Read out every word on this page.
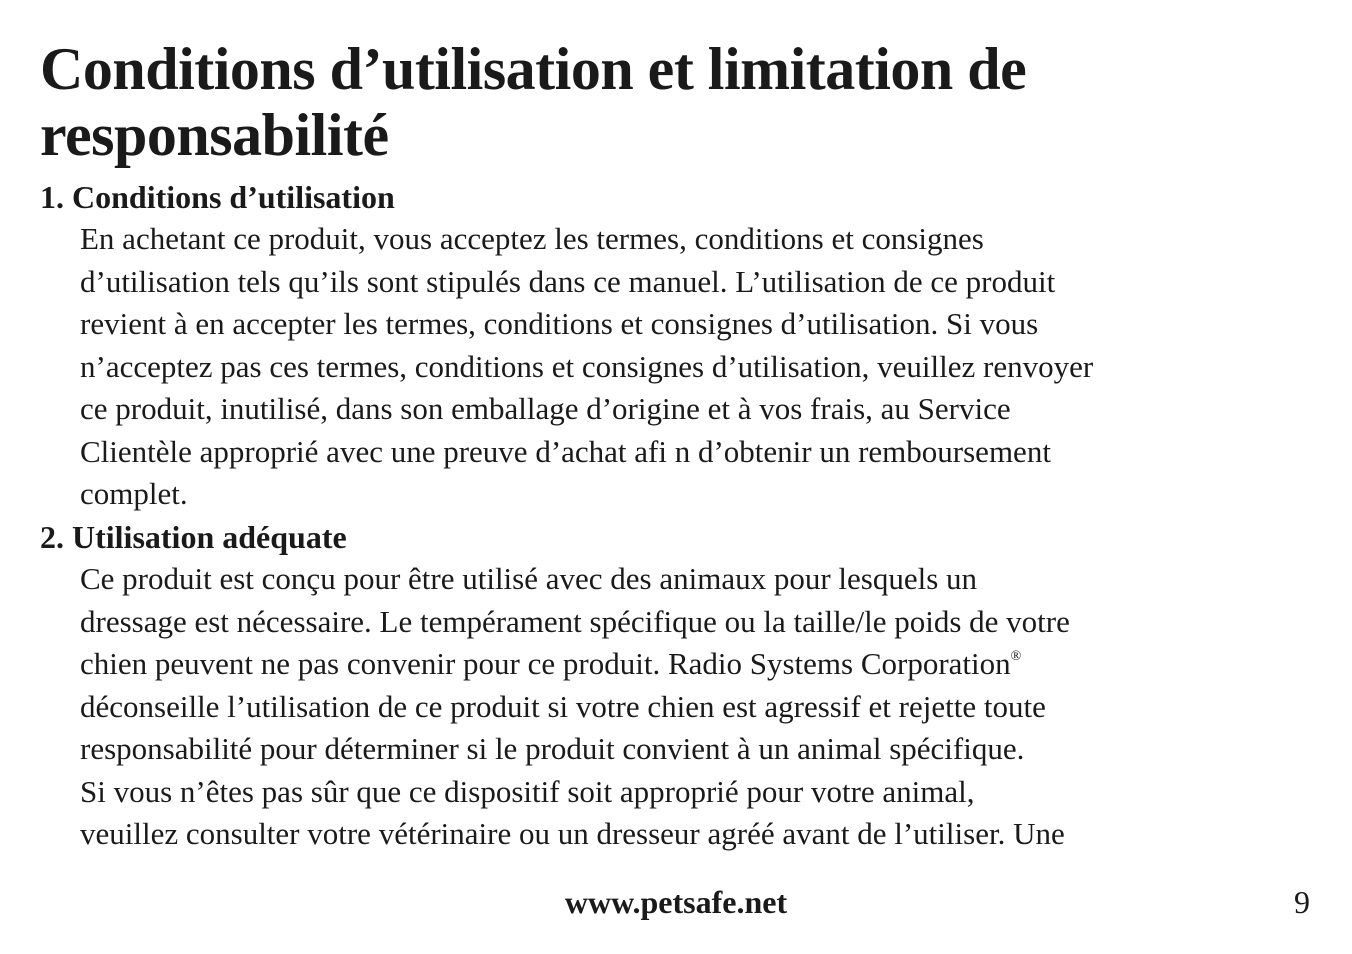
Conditions d’utilisation et limitation de responsabilité
1. Conditions d’utilisation
En achetant ce produit, vous acceptez les termes, conditions et consignes
d’utilisation tels qu’ils sont stipulés dans ce manuel. L’utilisation de ce produit
revient à en accepter les termes, conditions et consignes d’utilisation. Si vous
n’acceptez pas ces termes, conditions et consignes d’utilisation, veuillez renvoyer
ce produit, inutilisé, dans son emballage d’origine et à vos frais, au Service
Clientèle approprié avec une preuve d’achat afi n d’obtenir un remboursement
complet.
2. Utilisation adéquate
Ce produit est conçu pour être utilisé avec des animaux pour lesquels un
dressage est nécessaire. Le tempérament spécifique ou la taille/le poids de votre
chien peuvent ne pas convenir pour ce produit. Radio Systems Corporation®
déconseille l’utilisation de ce produit si votre chien est agressif et rejette toute
responsabilité pour déterminer si le produit convient à un animal spécifique.
Si vous n’êtes pas sûr que ce dispositif soit approprié pour votre animal,
veuillez consulter votre vétérinaire ou un dresseur agréé avant de l’utiliser. Une
www.petsafe.net	9
